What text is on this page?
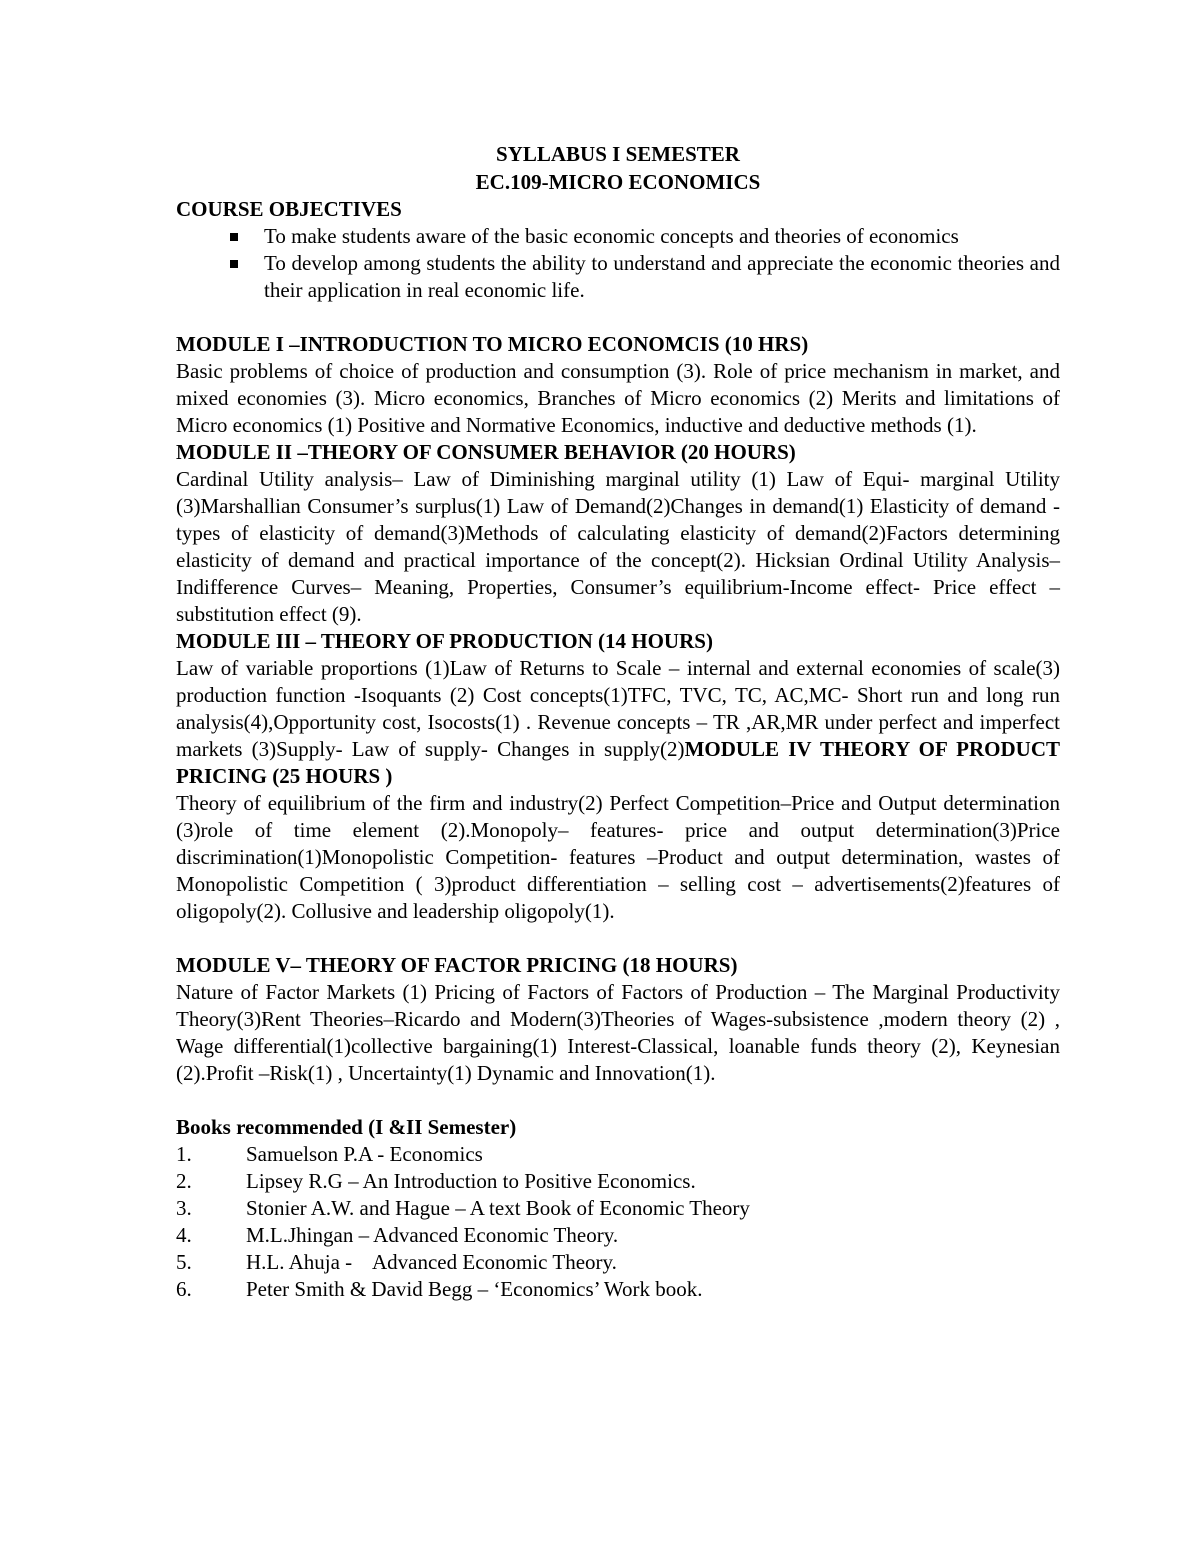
SYLLABUS I SEMESTER
EC.109-MICRO ECONOMICS

COURSE OBJECTIVES

To make students aware of the basic economic concepts and theories of economics
To develop among students the ability to understand and appreciate the economic theories and their application in real economic life.

MODULE I –INTRODUCTION TO MICRO ECONOMCIS (10 HRS)

Basic problems of choice of production and consumption (3). Role of price mechanism in market, and mixed economies (3). Micro economics, Branches of Micro economics (2) Merits and limitations of Micro economics (1) Positive and Normative Economics, inductive and deductive methods (1).

MODULE II –THEORY OF CONSUMER BEHAVIOR (20 HOURS)

Cardinal Utility analysis– Law of Diminishing marginal utility (1) Law of Equi- marginal Utility (3)Marshallian Consumer’s surplus(1) Law of Demand(2)Changes in demand(1) Elasticity of demand - types of elasticity of demand(3)Methods of calculating elasticity of demand(2)Factors determining elasticity of demand and practical importance of the concept(2). Hicksian Ordinal Utility Analysis–Indifference Curves– Meaning, Properties, Consumer’s equilibrium-Income effect- Price effect –substitution effect (9).

MODULE III – THEORY OF PRODUCTION (14 HOURS)

Law of variable proportions (1)Law of Returns to Scale – internal and external economies of scale(3) production function -Isoquants (2) Cost concepts(1)TFC, TVC, TC, AC,MC- Short run and long run analysis(4),Opportunity cost, Isocosts(1) . Revenue concepts – TR ,AR,MR under perfect and imperfect markets (3)Supply- Law of supply- Changes in supply(2)MODULE IV THEORY OF PRODUCT PRICING (25 HOURS )

Theory of equilibrium of the firm and industry(2) Perfect Competition–Price and Output determination (3)role of time element (2).Monopoly– features- price and output determination(3)Price discrimination(1)Monopolistic Competition- features –Product and output determination, wastes of Monopolistic Competition ( 3)product differentiation – selling cost – advertisements(2)features of oligopoly(2). Collusive and leadership oligopoly(1).

MODULE V– THEORY OF FACTOR PRICING (18 HOURS)

Nature of Factor Markets (1) Pricing of Factors of Factors of Production – The Marginal Productivity Theory(3)Rent Theories–Ricardo and Modern(3)Theories of Wages-subsistence ,modern theory (2) , Wage differential(1)collective bargaining(1) Interest-Classical, loanable funds theory (2), Keynesian (2).Profit –Risk(1) , Uncertainty(1) Dynamic and Innovation(1).

Books recommended (I &II Semester)

1.	Samuelson P.A - Economics
2.	Lipsey R.G – An Introduction to Positive Economics.
3.	Stonier A.W. and Hague – A text Book of Economic Theory
4.	M.L.Jhingan – Advanced Economic Theory.
5.	H.L. Ahuja -    Advanced Economic Theory.
6.	Peter Smith & David Begg – ‘Economics’ Work book.
